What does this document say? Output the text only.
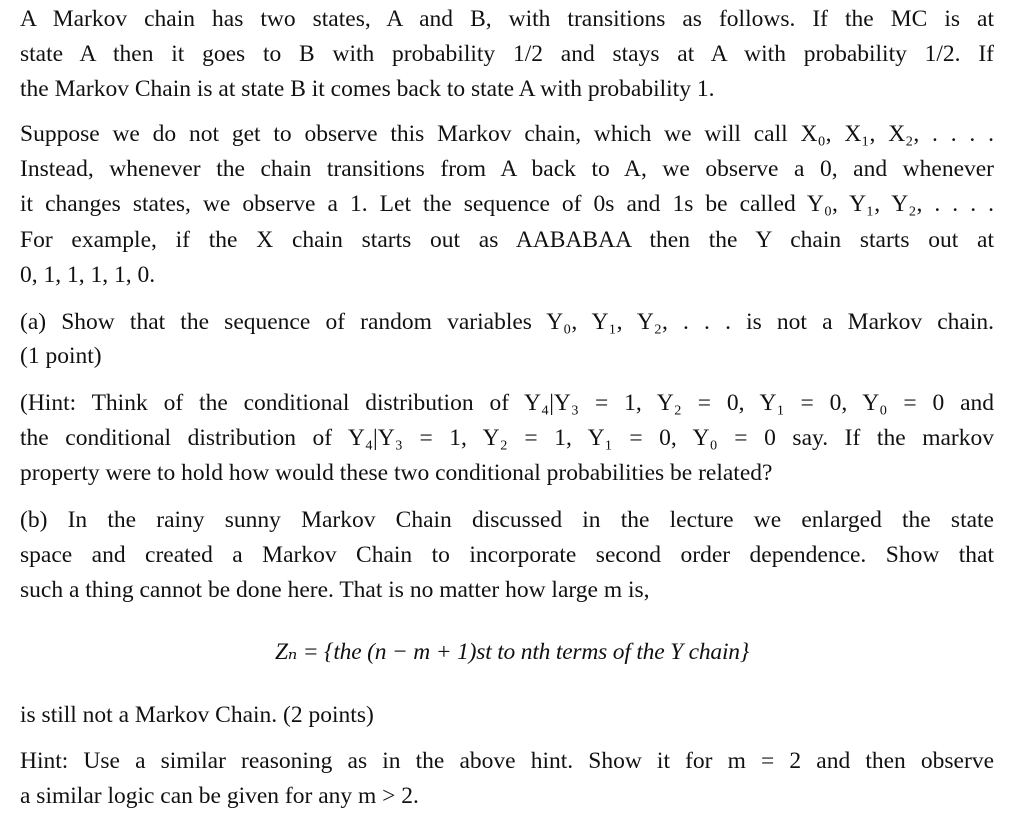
A Markov chain has two states, A and B, with transitions as follows. If the MC is at
state A then it goes to B with probability 1/2 and stays at A with probability 1/2. If
the Markov Chain is at state B it comes back to state A with probability 1.
Suppose we do not get to observe this Markov chain, which we will call X₀, X₁, X₂, . . . .
Instead, whenever the chain transitions from A back to A, we observe a 0, and whenever
it changes states, we observe a 1. Let the sequence of 0s and 1s be called Y₀, Y₁, Y₂, . . . .
For example, if the X chain starts out as AABABAA then the Y chain starts out at
0, 1, 1, 1, 1, 0.
(a) Show that the sequence of random variables Y₀, Y₁, Y₂, . . . is not a Markov chain.
(1 point)
(Hint: Think of the conditional distribution of Y₄|Y₃ = 1, Y₂ = 0, Y₁ = 0, Y₀ = 0 and
the conditional distribution of Y₄|Y₃ = 1, Y₂ = 1, Y₁ = 0, Y₀ = 0 say. If the markov
property were to hold how would these two conditional probabilities be related?
(b) In the rainy sunny Markov Chain discussed in the lecture we enlarged the state
space and created a Markov Chain to incorporate second order dependence. Show that
such a thing cannot be done here. That is no matter how large m is,
Zₙ = {the (n − m + 1)st to nth terms of the Y chain}
is still not a Markov Chain. (2 points)
Hint: Use a similar reasoning as in the above hint. Show it for m = 2 and then observe
a similar logic can be given for any m > 2.
